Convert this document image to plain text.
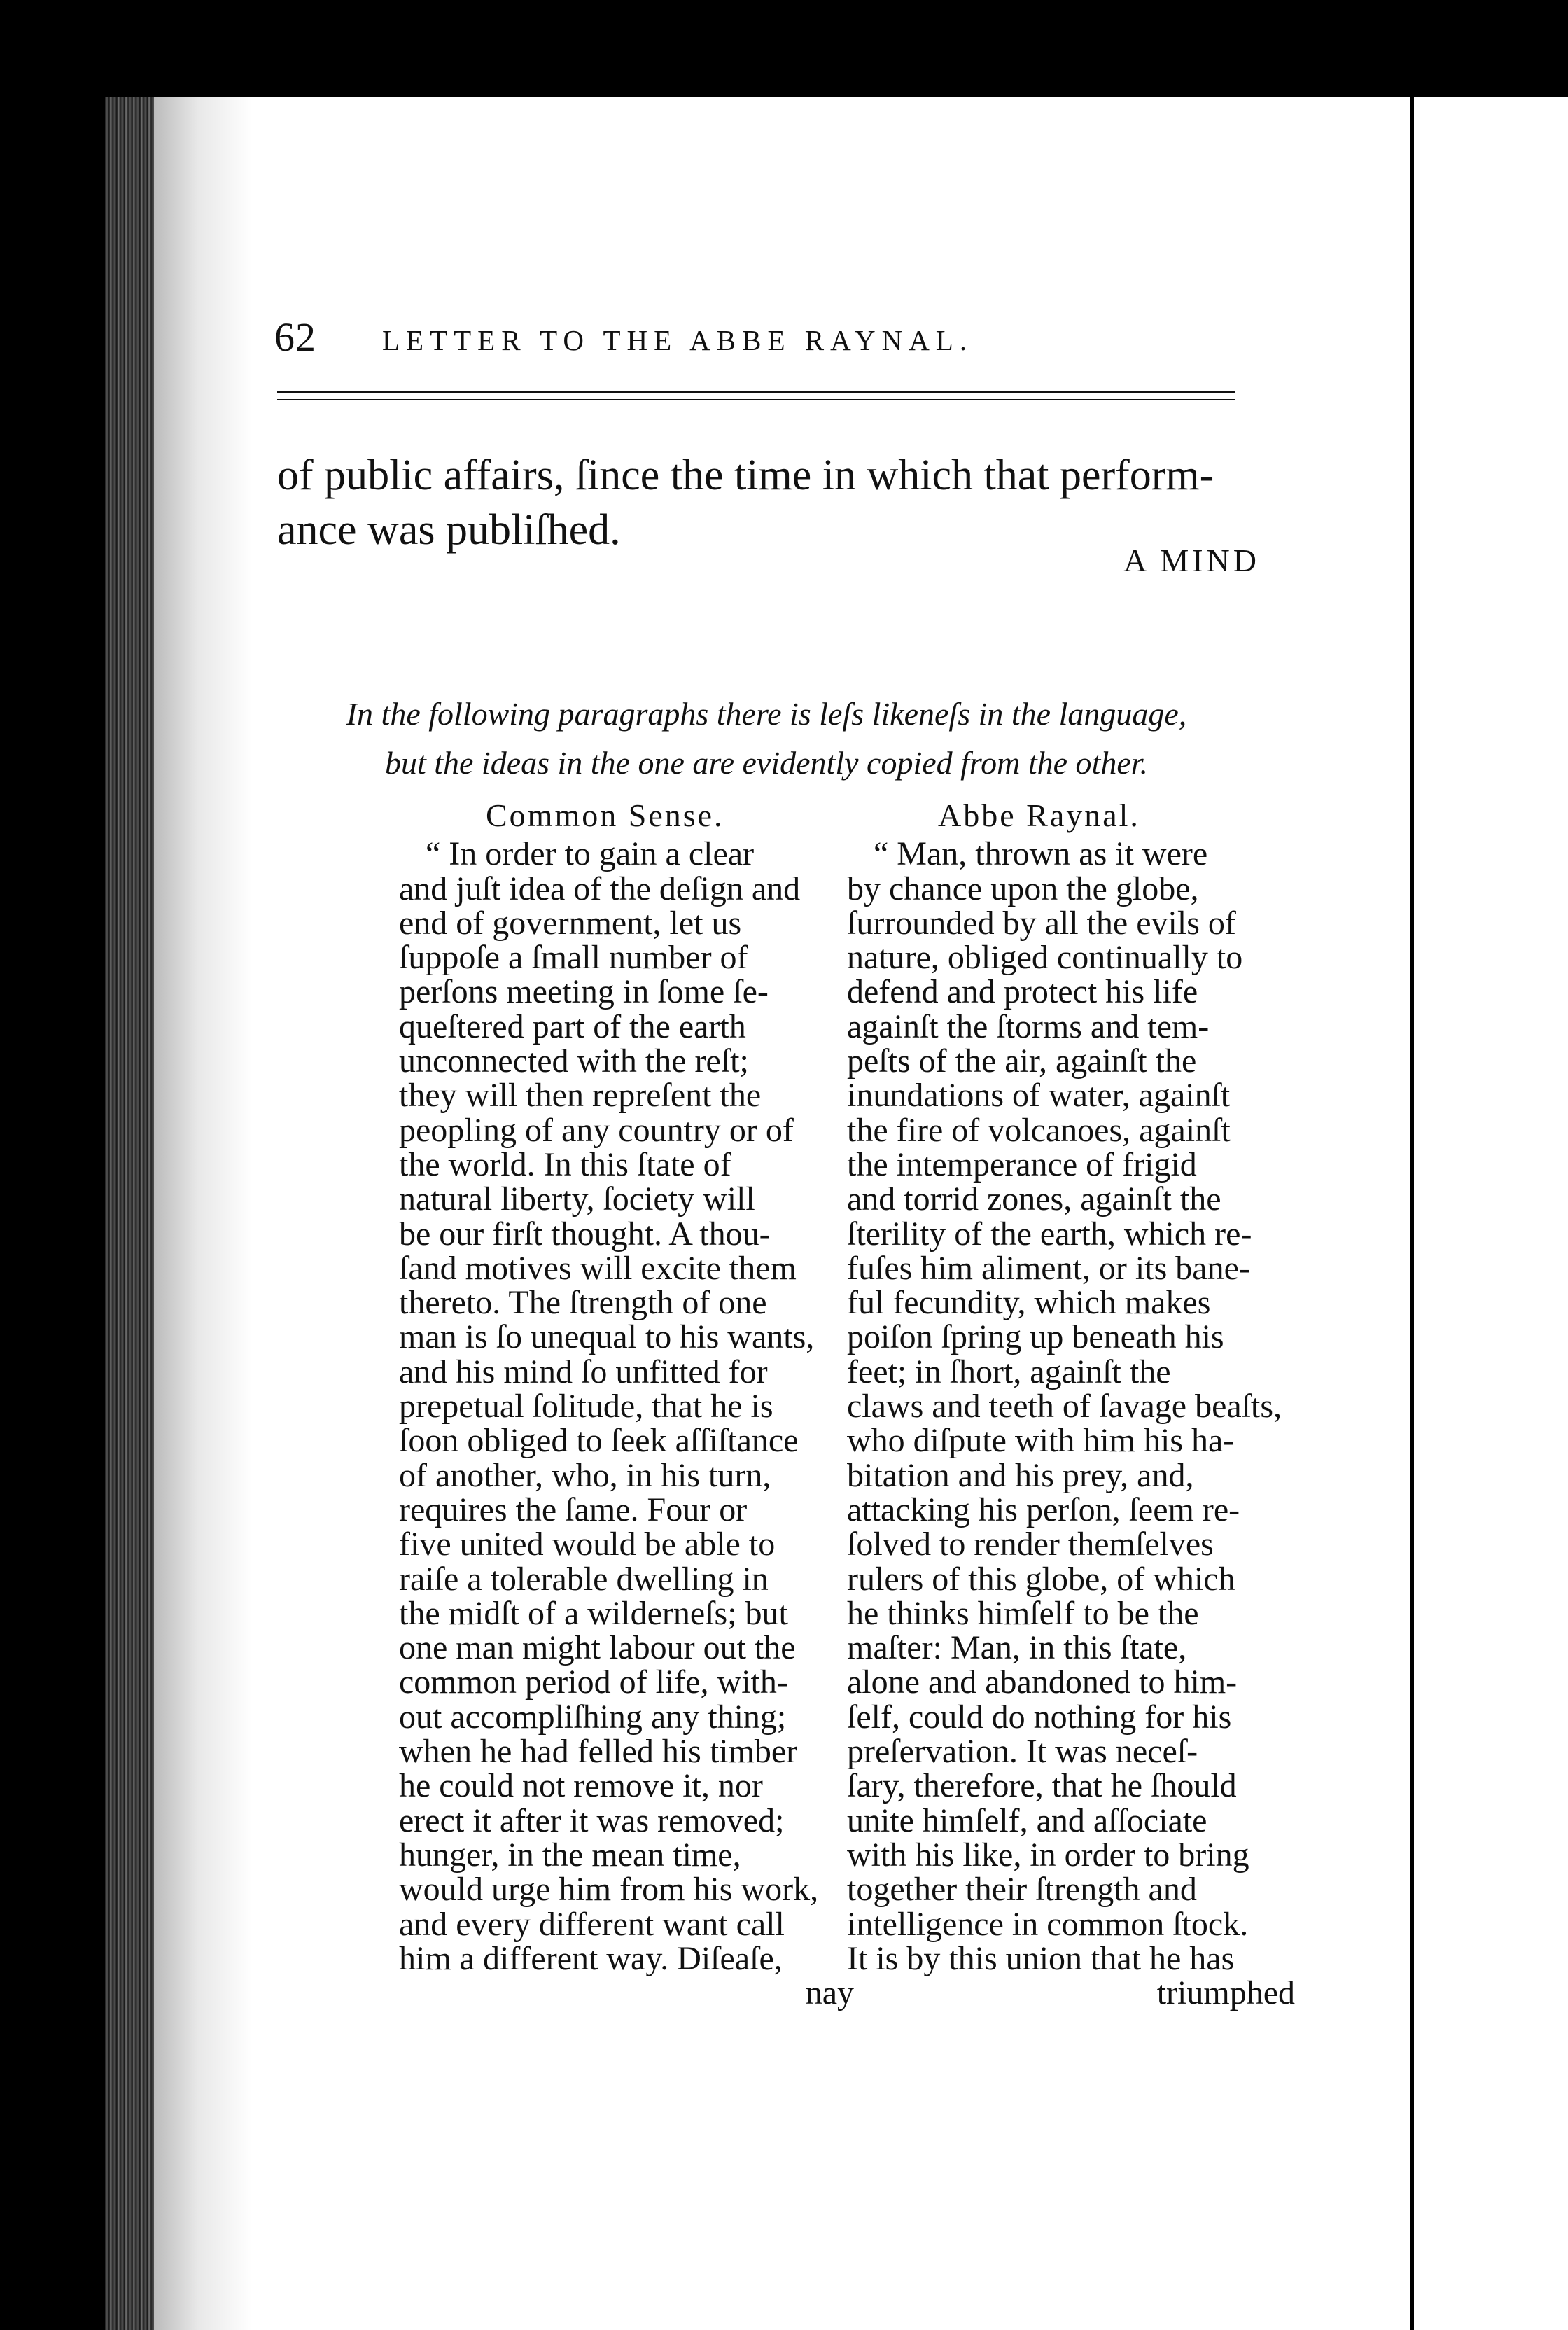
62 LETTER TO THE ABBE RAYNAL.
of public affairs, ſince the time in which that perform-
ance was publiſhed.
A MIND
In the following paragraphs there is leſs likeneſs in the language,
but the ideas in the one are evidently copied from the other.
Common Sense.
“ In order to gain a clear
and juſt idea of the deſign and
end of government, let us
ſuppoſe a ſmall number of
perſons meeting in ſome ſe-
queſtered part of the earth
unconnected with the reſt;
they will then repreſent the
peopling of any country or of
the world. In this ſtate of
natural liberty, ſociety will
be our firſt thought. A thou-
ſand motives will excite them
thereto. The ſtrength of one
man is ſo unequal to his wants,
and his mind ſo unfitted for
prepetual ſolitude, that he is
ſoon obliged to ſeek aſſiſtance
of another, who, in his turn,
requires the ſame. Four or
five united would be able to
raiſe a tolerable dwelling in
the midſt of a wilderneſs; but
one man might labour out the
common period of life, with-
out accompliſhing any thing;
when he had felled his timber
he could not remove it, nor
erect it after it was removed;
hunger, in the mean time,
would urge him from his work,
and every different want call
him a different way. Diſeaſe,
nay
Abbe Raynal.
“ Man, thrown as it were
by chance upon the globe,
ſurrounded by all the evils of
nature, obliged continually to
defend and protect his life
againſt the ſtorms and tem-
peſts of the air, againſt the
inundations of water, againſt
the fire of volcanoes, againſt
the intemperance of frigid
and torrid zones, againſt the
ſterility of the earth, which re-
fuſes him aliment, or its bane-
ful fecundity, which makes
poiſon ſpring up beneath his
feet; in ſhort, againſt the
claws and teeth of ſavage beaſts,
who diſpute with him his ha-
bitation and his prey, and,
attacking his perſon, ſeem re-
ſolved to render themſelves
rulers of this globe, of which
he thinks himſelf to be the
maſter: Man, in this ſtate,
alone and abandoned to him-
ſelf, could do nothing for his
preſervation. It was neceſ-
ſary, therefore, that he ſhould
unite himſelf, and aſſociate
with his like, in order to bring
together their ſtrength and
intelligence in common ſtock.
It is by this union that he has
triumphed
